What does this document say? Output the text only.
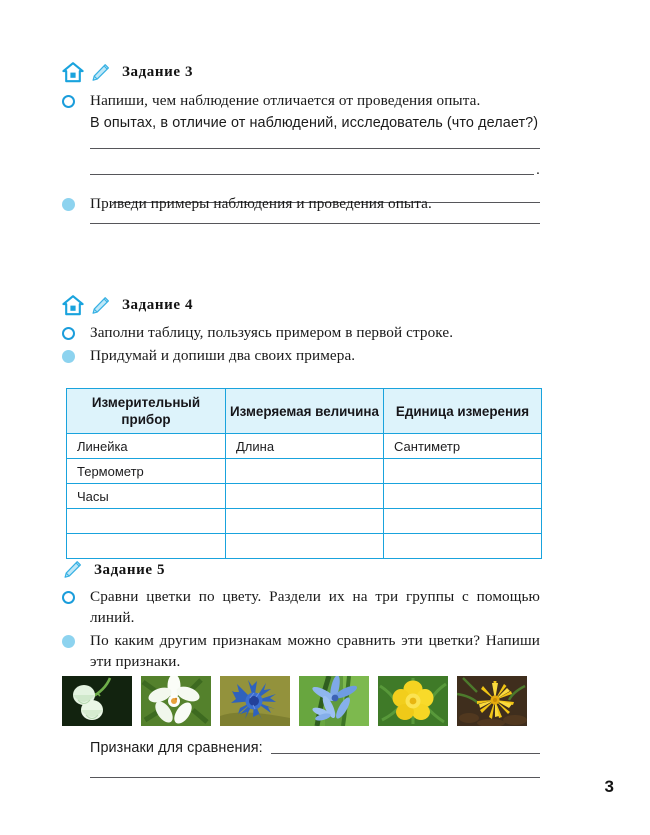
Задание 3
Напиши, чем наблюдение отличается от проведения опыта.
В опытах, в отличие от наблюдений, исследователь (что делает?)
.
Приведи примеры наблюдения и проведения опыта.
Задание 4
Заполни таблицу, пользуясь примером в первой строке.
Придумай и допиши два своих примера.
Измерительный прибор	Измеряемая величина	Единица измерения
Линейка	Длина	Сантиметр
Термометр		
Часы		

Задание 5
Сравни цветки по цвету. Раздели их на три группы с помощью линий.
По каким другим признакам можно сравнить эти цветки? Напиши эти признаки.
Признаки для сравнения:
3
